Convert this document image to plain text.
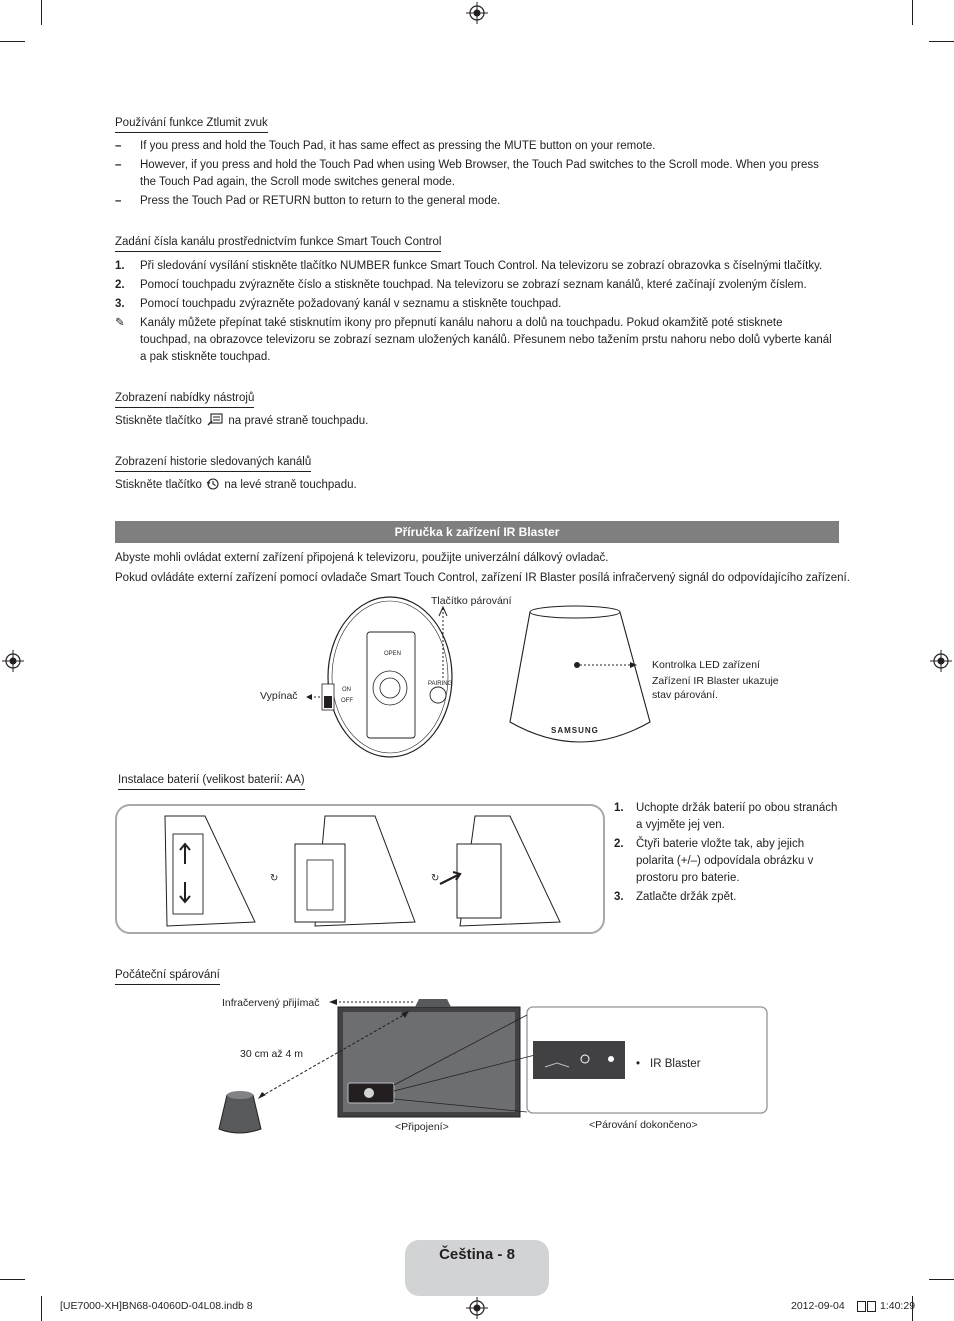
Používání funkce Ztlumit zvuk
– If you press and hold the Touch Pad, it has same effect as pressing the MUTE button on your remote.
– However, if you press and hold the Touch Pad when using Web Browser, the Touch Pad switches to the Scroll mode. When you press the Touch Pad again, the Scroll mode switches general mode.
– Press the Touch Pad or RETURN button to return to the general mode.
Zadání čísla kanálu prostřednictvím funkce Smart Touch Control
1. Při sledování vysílání stiskněte tlačítko NUMBER funkce Smart Touch Control. Na televizoru se zobrazí obrazovka s číselnými tlačítky.
2. Pomocí touchpadu zvýrazněte číslo a stiskněte touchpad. Na televizoru se zobrazí seznam kanálů, které začínají zvoleným číslem.
3. Pomocí touchpadu zvýrazněte požadovaný kanál v seznamu a stiskněte touchpad.
✎ Kanály můžete přepínat také stisknutím ikony pro přepnutí kanálu nahoru a dolů na touchpadu. Pokud okamžitě poté stisknete touchpad, na obrazovce televizoru se zobrazí seznam uložených kanálů. Přesunem nebo tažením prstu nahoru nebo dolů vyberte kanál a pak stiskněte touchpad.
Zobrazení nabídky nástrojů
Stiskněte tlačítko na pravé straně touchpadu.
Zobrazení historie sledovaných kanálů
Stiskněte tlačítko na levé straně touchpadu.
Příručka k zařízení IR Blaster
Abyste mohli ovládat externí zařízení připojená k televizoru, použijte univerzální dálkový ovladač.
Pokud ovládáte externí zařízení pomocí ovladače Smart Touch Control, zařízení IR Blaster posílá infračervený signál do odpovídajícího zařízení.
OPEN
ON
OFF
PAIRING
SAMSUNG
Tlačítko párování
Vypínač
Kontrolka LED zařízení
Zařízení IR Blaster ukazuje stav párování.
Instalace baterií (velikost baterií: AA)
↻	↻
1. Uchopte držák baterií po obou stranách a vyjměte jej ven.
2. Čtyři baterie vložte tak, aby jejich polarita (+/–) odpovídala obrázku v prostoru pro baterie.
3. Zatlačte držák zpět.
Počáteční spárování
Infračervený přijímač
30 cm až 4 m
• IR Blaster
<Připojení>	<Párování dokončeno>
Čeština - 8
[UE7000-XH]BN68-04060D-04L08.indb 8	2012-09-04	1:40:29
